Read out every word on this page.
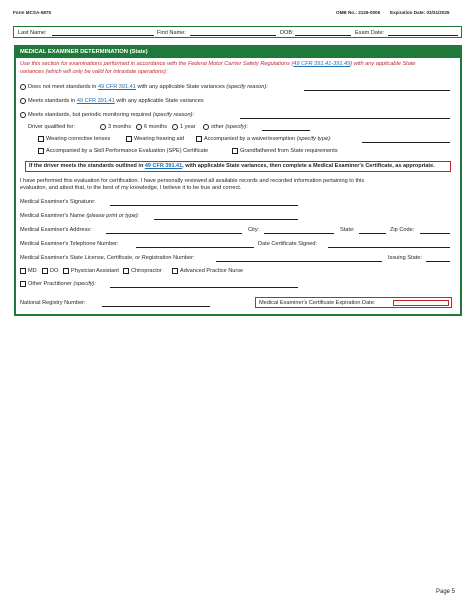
Form MCSA-5875	OMB No.: 2126-0006 Expiration Date: 03/31/2025
Last Name:	First Name:	DOB:	Exam Date:
MEDICAL EXAMINER DETERMINATION (State)
Use this section for examinations performed in accordance with the Federal Motor Carrier Safety Regulations (49 CFR 391.41-391.49) with any applicable State
variances (which will only be valid for intrastate operations):
Does not meet standards in 49 CFR 391.41 with any applicable State variances (specify reason):
Meets standards in 49 CFR 391.41 with any applicable State variances
Meets standards, but periodic monitoring required (specify reason):
Driver qualified for:	3 months 6 months 1 year	other (specify):
Wearing corrective lenses	Wearing hearing aid	Accompanied by a waiver/exemption (specify type):
Accompanied by a Skill Performance Evaluation (SPE) Certificate	Grandfathered from State requirements
If the driver meets the standards outlined in 49 CFR 391.41, with applicable State variances, then complete a Medical Examiner's Certificate, as appropriate.
I have performed this evaluation for certification. I have personally reviewed all available records and recorded information pertaining to this
evaluation, and attest that, to the best of my knowledge, I believe it to be true and correct.
Medical Examiner's Signature:
Medical Examiner's Name (please print or type):
Medical Examiner's Address:	City:	State:	Zip Code:
Medical Examiner's Telephone Number:	Date Certificate Signed:
Medical Examiner's State License, Certificate, or Registration Number:	Issuing State:
MD DO Physician Assistant Chiropractor	Advanced Practice Nurse
Other Practitioner (specify):
National Registry Number:	Medical Examiner's Certificate Expiration Date:
Page 5
